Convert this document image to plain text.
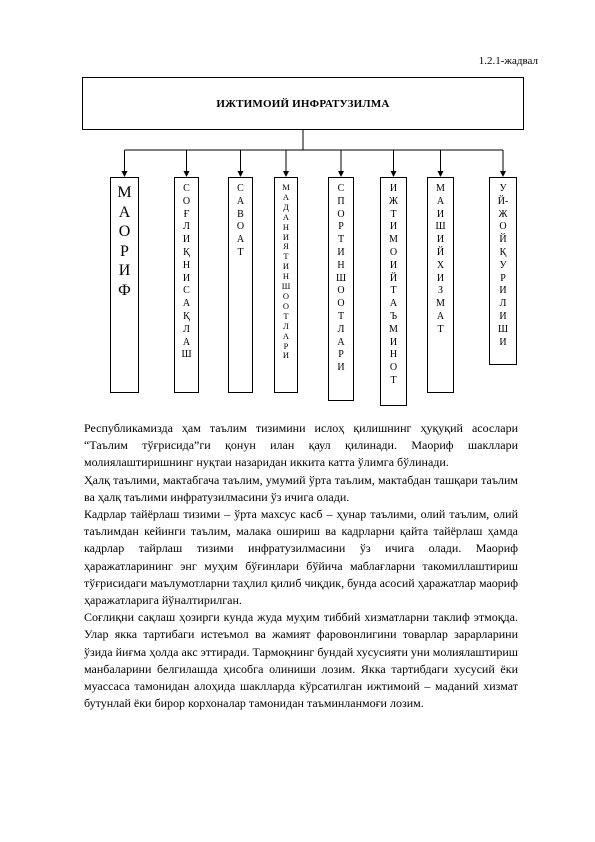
1.2.1-жадвал
ИЖТИМОИЙ ИНФРАТУЗИЛМА
МАОРИФ
СОҒЛИҚНИ САҚЛАШ
САВОАТ
МАДАНИЯТ ИНШООТЛАРИ
СПОРТ ИНШООТЛАРИ
ИЖТИМОИЙ ТАЪМИНОТ
МАИШИЙ ХИЗМАТ
УЙ-ЖОЙ ҚУРИЛИШИ

Республикамизда ҳам таълим тизимини ислоҳ қилишнинг ҳуқуқий асослари “Таълим тўғрисида”ги қонун илан қаул қилинади. Маориф шакллари молиялаштиришнинг нуқтаи назаридан иккита катта ўлимга бўлинади.

Ҳалқ таълими, мактабгача таълим, умумий ўрта таълим, мактабдан ташқари таълим ва ҳалқ таълими инфратузилмасини ўз ичига олади.

Кадрлар тайёрлаш тизими – ўрта махсус касб – ҳунар таълими, олий таълим, олий таълимдан кейинги таълим, малака ошириш ва кадрларни қайта тайёрлаш ҳамда кадрлар тайрлаш тизими инфратузилмасини ўз ичига олади. Маориф ҳаражатларининг энг муҳим бўғинлари бўйича маблағларни такомиллаштириш тўғрисидаги маълумотларни таҳлил қилиб чиқдик, бунда асосий ҳаражатлар маориф ҳаражатларига йўналтирилган.

Соғлиқни сақлаш ҳозирги кунда жуда муҳим тиббий хизматларни таклиф этмоқда. Улар якка тартибаги истеъмол ва жамият фаровонлигини товарлар зарарларини ўзида йиғма ҳолда акс эттиради. Тармоқнинг бундай хусусияти уни молиялаштириш манбаларини белгилашда ҳисобга олиниши лозим. Якка тартибдаги хусусий ёки муассаса тамонидан алоҳида шаклларда кўрсатилган ижтимоий – маданий хизмат бутунлай ёки бирор корхоналар тамонидан таъминланмоғи лозим.
